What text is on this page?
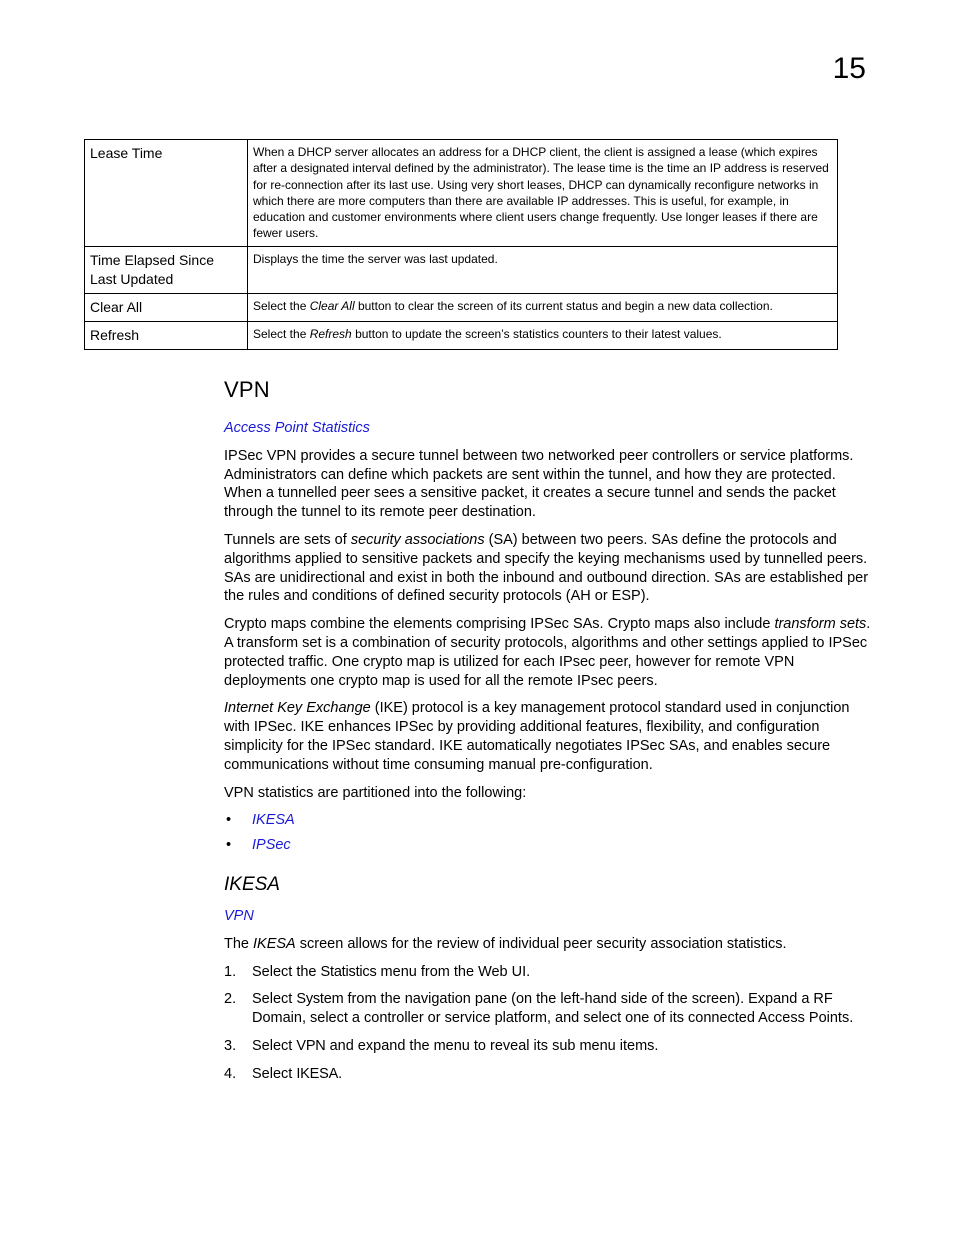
15
Lease Time	When a DHCP server allocates an address for a DHCP client, the client is assigned a lease (which expires after a designated interval defined by the administrator). The lease time is the time an IP address is reserved for re-connection after its last use. Using very short leases, DHCP can dynamically reconfigure networks in which there are more computers than there are available IP addresses. This is useful, for example, in education and customer environments where client users change frequently. Use longer leases if there are fewer users.
Time Elapsed Since Last Updated	Displays the time the server was last updated.
Clear All	Select the Clear All button to clear the screen of its current status and begin a new data collection.
Refresh	Select the Refresh button to update the screen’s statistics counters to their latest values.
VPN
Access Point Statistics

IPSec VPN provides a secure tunnel between two networked peer controllers or service platforms. Administrators can define which packets are sent within the tunnel, and how they are protected. When a tunnelled peer sees a sensitive packet, it creates a secure tunnel and sends the packet through the tunnel to its remote peer destination.

Tunnels are sets of security associations (SA) between two peers. SAs define the protocols and algorithms applied to sensitive packets and specify the keying mechanisms used by tunnelled peers. SAs are unidirectional and exist in both the inbound and outbound direction. SAs are established per the rules and conditions of defined security protocols (AH or ESP).

Crypto maps combine the elements comprising IPSec SAs. Crypto maps also include transform sets. A transform set is a combination of security protocols, algorithms and other settings applied to IPSec protected traffic. One crypto map is utilized for each IPsec peer, however for remote VPN deployments one crypto map is used for all the remote IPsec peers.

Internet Key Exchange (IKE) protocol is a key management protocol standard used in conjunction with IPSec. IKE enhances IPSec by providing additional features, flexibility, and configuration simplicity for the IPSec standard. IKE automatically negotiates IPSec SAs, and enables secure communications without time consuming manual pre-configuration.

VPN statistics are partitioned into the following:

• IKESA
• IPSec
IKESA
VPN

The IKESA screen allows for the review of individual peer security association statistics.

1. Select the Statistics menu from the Web UI.
2. Select System from the navigation pane (on the left-hand side of the screen). Expand a RF Domain, select a controller or service platform, and select one of its connected Access Points.
3. Select VPN and expand the menu to reveal its sub menu items.
4. Select IKESA.
